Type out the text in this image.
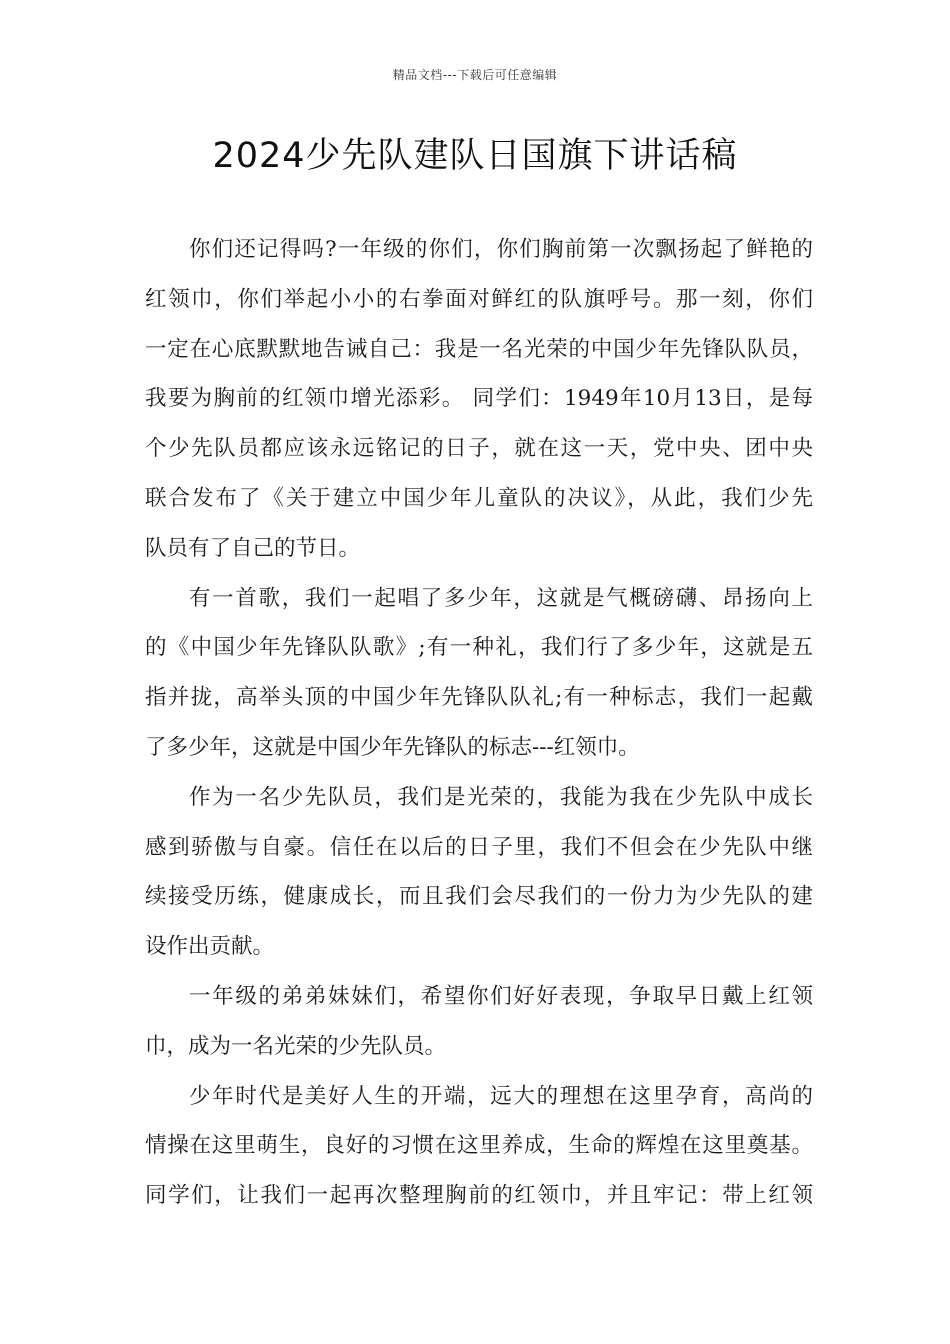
精品文档---下载后可任意编辑
2024少先队建队日国旗下讲话稿
你们还记得吗?一年级的你们，你们胸前第一次飘扬起了鲜艳的
红领巾，你们举起小小的右拳面对鲜红的队旗呼号。那一刻，你们
一定在心底默默地告诫自己：我是一名光荣的中国少年先锋队队员，
我要为胸前的红领巾增光添彩。 同学们：1949年10月13日，是每
个少先队员都应该永远铭记的日子，就在这一天，党中央、团中央
联合发布了《关于建立中国少年儿童队的决议》，从此，我们少先
队员有了自己的节日。
有一首歌，我们一起唱了多少年，这就是气概磅礴、昂扬向上
的《中国少年先锋队队歌》;有一种礼，我们行了多少年，这就是五
指并拢，高举头顶的中国少年先锋队队礼;有一种标志，我们一起戴
了多少年，这就是中国少年先锋队的标志---红领巾。
作为一名少先队员，我们是光荣的，我能为我在少先队中成长
感到骄傲与自豪。信任在以后的日子里，我们不但会在少先队中继
续接受历练，健康成长，而且我们会尽我们的一份力为少先队的建
设作出贡献。
一年级的弟弟妹妹们，希望你们好好表现，争取早日戴上红领
巾，成为一名光荣的少先队员。
少年时代是美好人生的开端，远大的理想在这里孕育，高尚的
情操在这里萌生，良好的习惯在这里养成，生命的辉煌在这里奠基。
同学们，让我们一起再次整理胸前的红领巾，并且牢记：带上红领
